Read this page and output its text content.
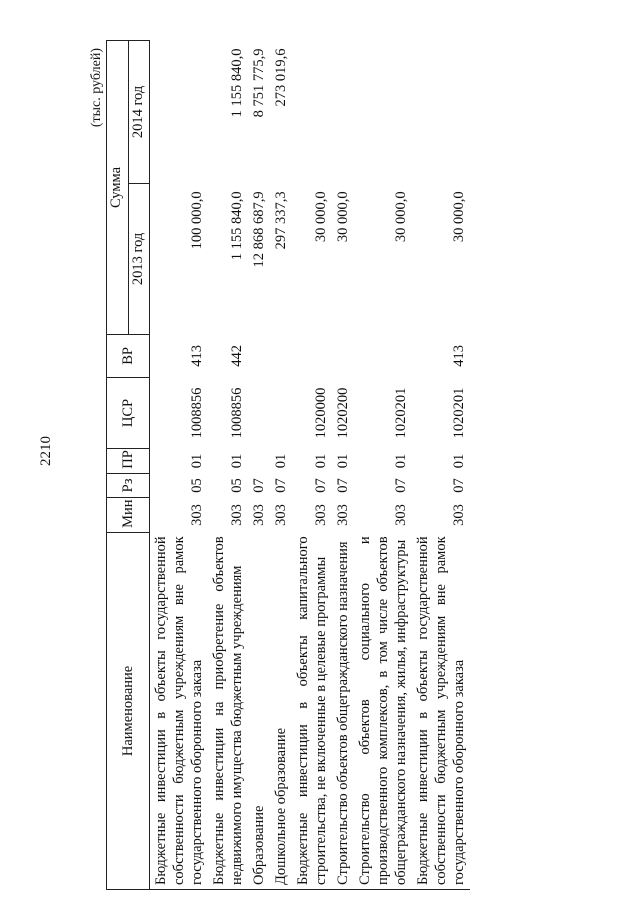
2210
(тыс. рублей)
Наименование	Мин	Рз	ПР	ЦСР	ВР	Сумма	
						2013 год	2014 год
Бюджетные инвестиции в объекты государственной собственности бюджетным учреждениям вне рамок государственного оборонного заказа	303	05	01	1008856	413	100 000,0	
Бюджетные инвестиции на приобретение объектов недвижимого имущества бюджетным учреждениям	303	05	01	1008856	442	1 155 840,0	1 155 840,0
Образование	303	07				12 868 687,9	8 751 775,9
Дошкольное образование	303	07	01			297 337,3	273 019,6
Бюджетные инвестиции в объекты капитального строительства, не включенные в целевые программы	303	07	01	1020000		30 000,0	
Строительство объектов общегражданского назначения	303	07	01	1020200		30 000,0	
Строительство объектов социального и производственного комплексов, в том числе объектов общегражданского назначения, жилья, инфраструктуры	303	07	01	1020201		30 000,0	
Бюджетные инвестиции в объекты государственной собственности бюджетным учреждениям вне рамок государственного оборонного заказа	303	07	01	1020201	413	30 000,0	
